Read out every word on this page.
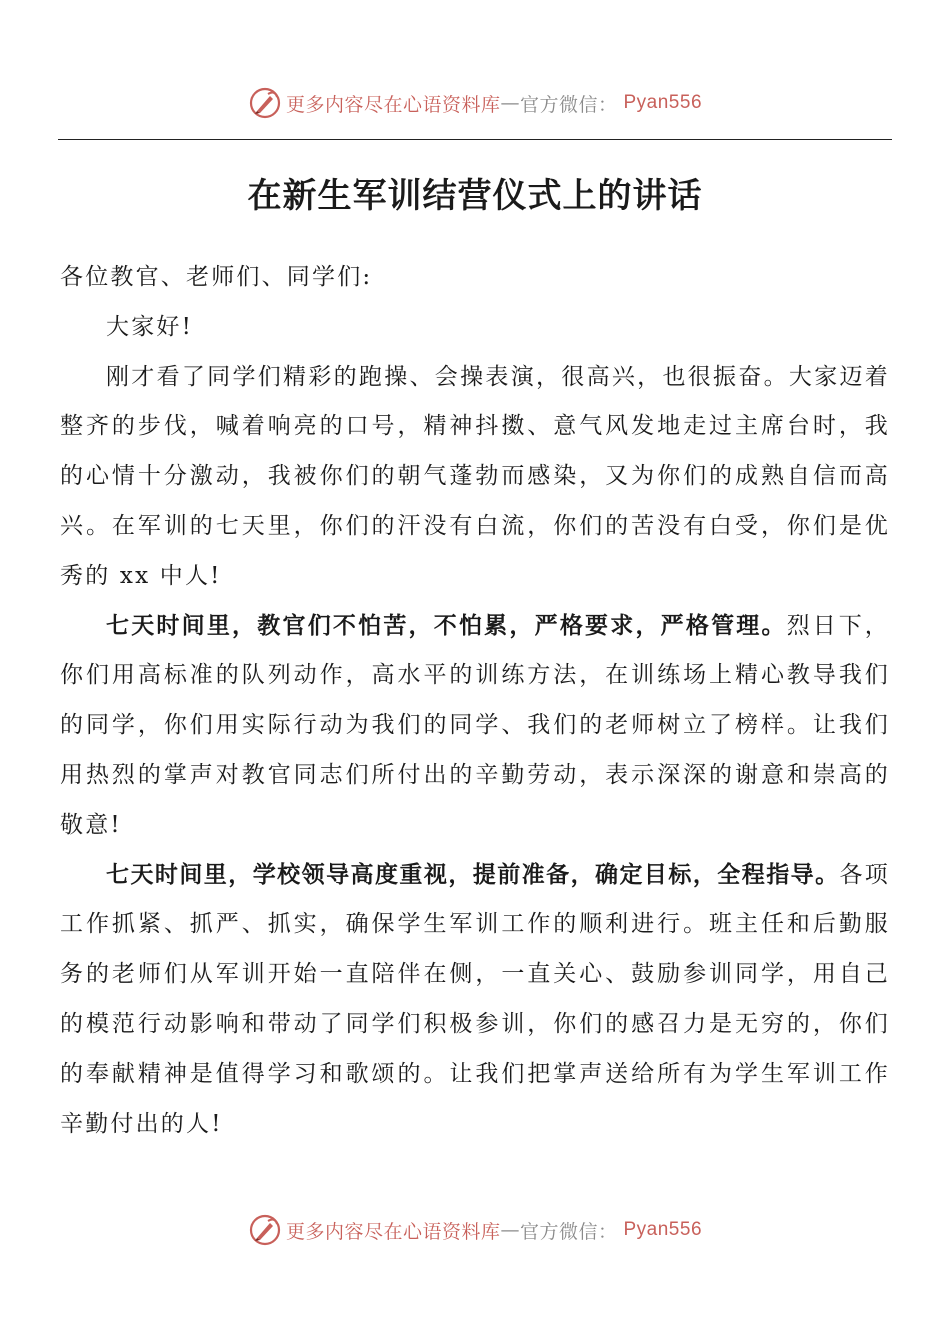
更多内容尽在心语资料库 — 官方微信： Pyan556
在新生军训结营仪式上的讲话

各位教官、老师们、同学们:

大家好!

刚才看了同学们精彩的跑操、会操表演，很高兴，也很振奋。大家迈着整齐的步伐，喊着响亮的口号，精神抖擞、意气风发地走过主席台时，我的心情十分激动，我被你们的朝气蓬勃而感染，又为你们的成熟自信而高兴。在军训的七天里，你们的汗没有白流，你们的苦没有白受，你们是优秀的 xx 中人!

七天时间里，教官们不怕苦，不怕累，严格要求，严格管理。烈日下，你们用高标准的队列动作，高水平的训练方法，在训练场上精心教导我们的同学，你们用实际行动为我们的同学、我们的老师树立了榜样。让我们用热烈的掌声对教官同志们所付出的辛勤劳动，表示深深的谢意和崇高的敬意!

七天时间里，学校领导高度重视，提前准备，确定目标，全程指导。各项工作抓紧、抓严、抓实，确保学生军训工作的顺利进行。班主任和后勤服务的老师们从军训开始一直陪伴在侧，一直关心、鼓励参训同学，用自己的模范行动影响和带动了同学们积极参训，你们的感召力是无穷的，你们的奉献精神是值得学习和歌颂的。让我们把掌声送给所有为学生军训工作辛勤付出的人!

更多内容尽在心语资料库 — 官方微信： Pyan556
